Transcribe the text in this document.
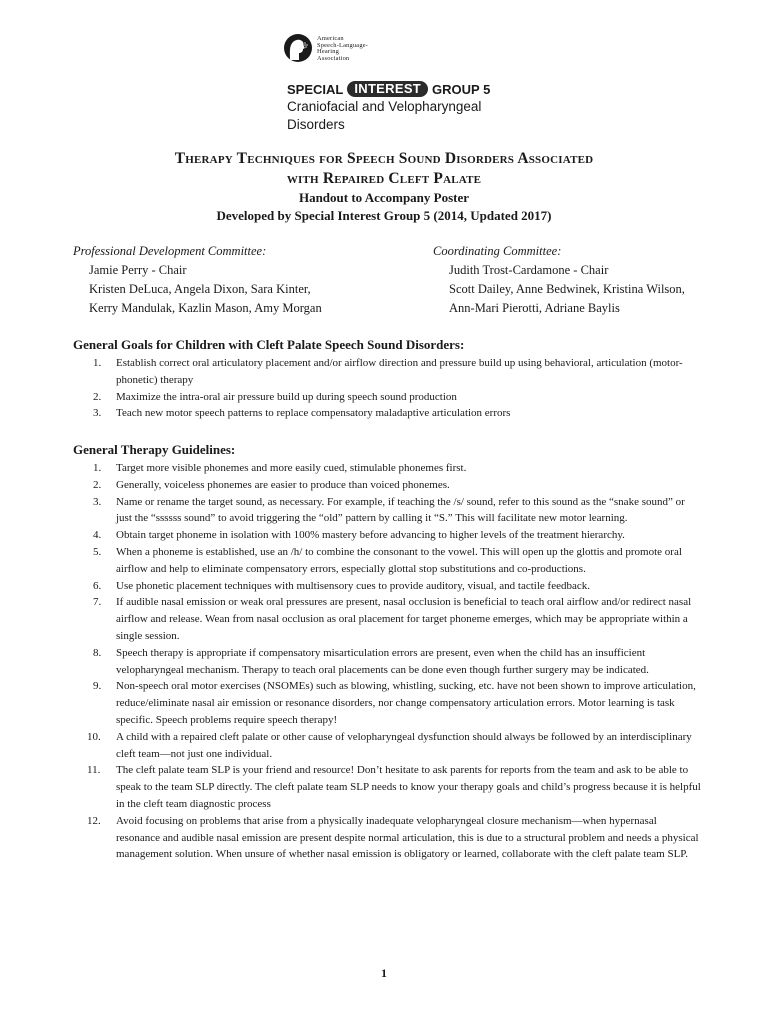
American
Speech-Language-
Hearing
Association
SPECIAL INTEREST GROUP 5
Craniofacial and Velopharyngeal
Disorders
Therapy Techniques for Speech Sound Disorders Associated
with Repaired Cleft Palate
Handout to Accompany Poster
Developed by Special Interest Group 5 (2014, Updated 2017)
Professional Development Committee:
Jamie Perry - Chair
Kristen DeLuca, Angela Dixon, Sara Kinter,
Kerry Mandulak, Kazlin Mason, Amy Morgan
Coordinating Committee:
Judith Trost-Cardamone - Chair
Scott Dailey, Anne Bedwinek, Kristina Wilson,
Ann-Mari Pierotti, Adriane Baylis
General Goals for Children with Cleft Palate Speech Sound Disorders:
1. Establish correct oral articulatory placement and/or airflow direction and pressure build up using behavioral, articulation (motor-phonetic) therapy
2. Maximize the intra-oral air pressure build up during speech sound production
3. Teach new motor speech patterns to replace compensatory maladaptive articulation errors
General Therapy Guidelines:
1. Target more visible phonemes and more easily cued, stimulable phonemes first.
2. Generally, voiceless phonemes are easier to produce than voiced phonemes.
3. Name or rename the target sound, as necessary. For example, if teaching the /s/ sound, refer to this sound as the “snake sound” or just the “ssssss sound” to avoid triggering the “old” pattern by calling it “S.” This will facilitate new motor learning.
4. Obtain target phoneme in isolation with 100% mastery before advancing to higher levels of the treatment hierarchy.
5. When a phoneme is established, use an /h/ to combine the consonant to the vowel. This will open up the glottis and promote oral airflow and help to eliminate compensatory errors, especially glottal stop substitutions and co-productions.
6. Use phonetic placement techniques with multisensory cues to provide auditory, visual, and tactile feedback.
7. If audible nasal emission or weak oral pressures are present, nasal occlusion is beneficial to teach oral airflow and/or redirect nasal airflow and release. Wean from nasal occlusion as oral placement for target phoneme emerges, which may be appropriate within a single session.
8. Speech therapy is appropriate if compensatory misarticulation errors are present, even when the child has an insufficient velopharyngeal mechanism. Therapy to teach oral placements can be done even though further surgery may be indicated.
9. Non-speech oral motor exercises (NSOMEs) such as blowing, whistling, sucking, etc. have not been shown to improve articulation, reduce/eliminate nasal air emission or resonance disorders, nor change compensatory articulation errors. Motor learning is task specific. Speech problems require speech therapy!
10. A child with a repaired cleft palate or other cause of velopharyngeal dysfunction should always be followed by an interdisciplinary cleft team—not just one individual.
11. The cleft palate team SLP is your friend and resource! Don’t hesitate to ask parents for reports from the team and ask to be able to speak to the team SLP directly. The cleft palate team SLP needs to know your therapy goals and child’s progress because it is helpful in the cleft team diagnostic process
12. Avoid focusing on problems that arise from a physically inadequate velopharyngeal closure mechanism—when hypernasal resonance and audible nasal emission are present despite normal articulation, this is due to a structural problem and needs a physical management solution. When unsure of whether nasal emission is obligatory or learned, collaborate with the cleft palate team SLP.
1
